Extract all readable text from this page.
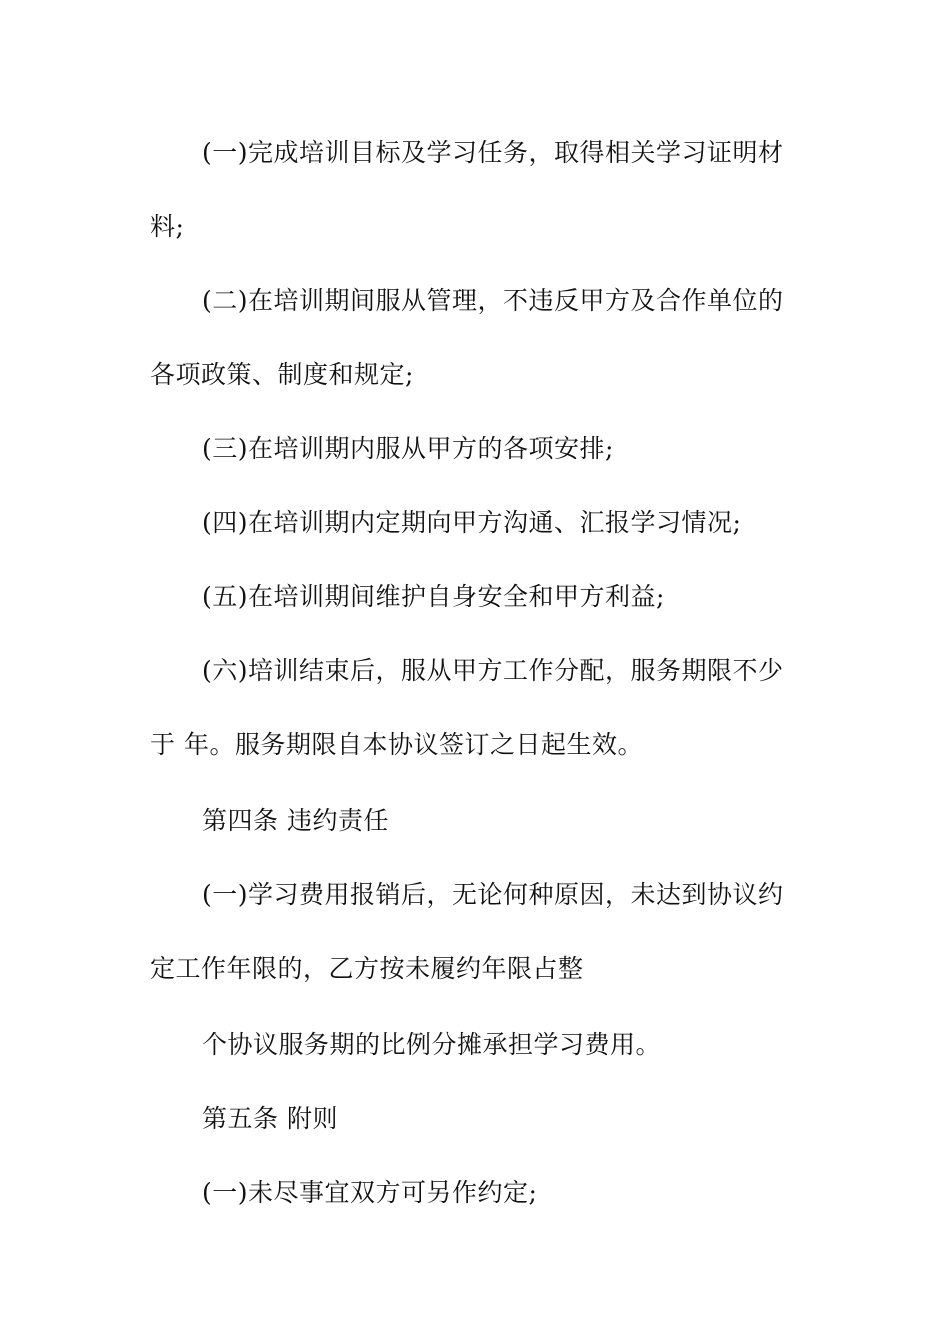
(一)完成培训目标及学习任务，取得相关学习证明材
料;
(二)在培训期间服从管理，不违反甲方及合作单位的
各项政策、制度和规定;
(三)在培训期内服从甲方的各项安排;
(四)在培训期内定期向甲方沟通、汇报学习情况;
(五)在培训期间维护自身安全和甲方利益;
(六)培训结束后，服从甲方工作分配，服务期限不少
于 年。服务期限自本协议签订之日起生效。
第四条 违约责任
(一)学习费用报销后，无论何种原因，未达到协议约
定工作年限的，乙方按未履约年限占整
个协议服务期的比例分摊承担学习费用。
第五条 附则
(一)未尽事宜双方可另作约定;
